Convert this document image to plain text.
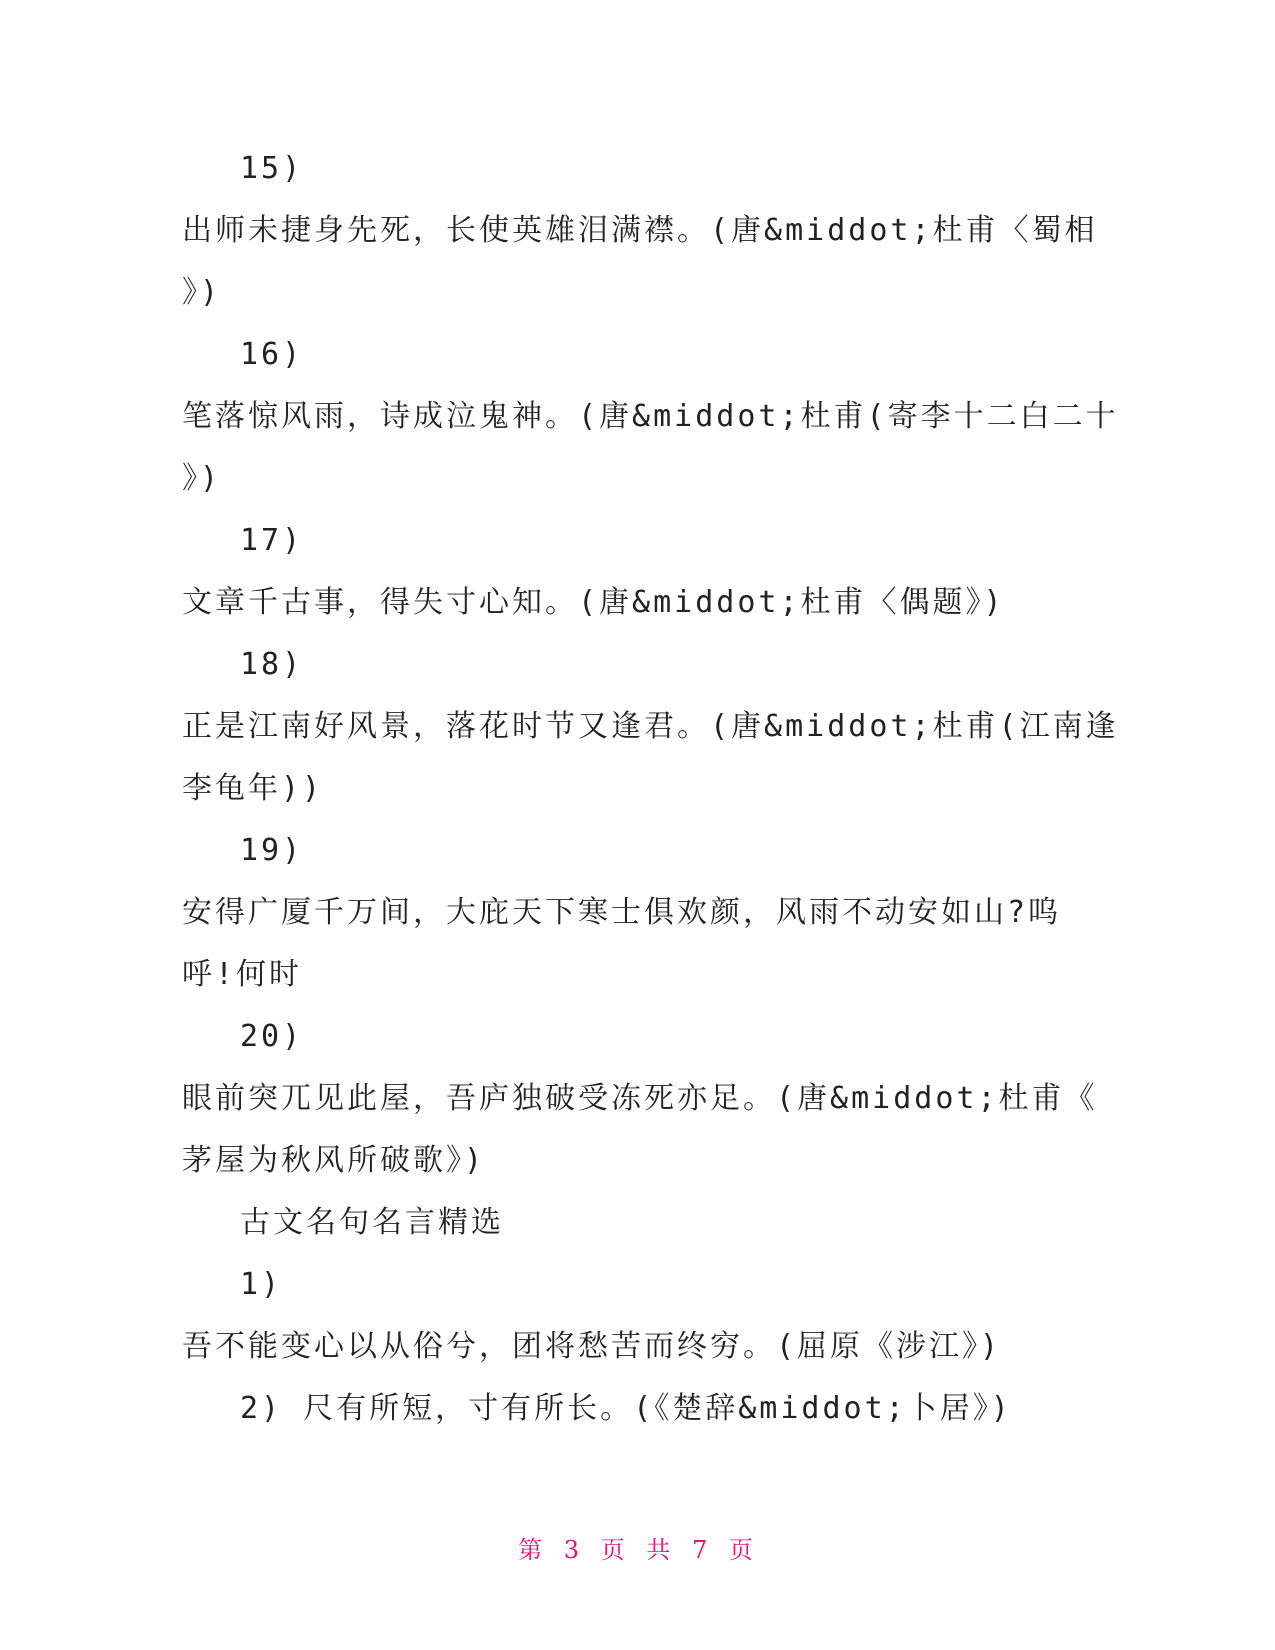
15)
出师未捷身先死，长使英雄泪满襟。(唐&middot;杜甫〈蜀相
》)
16)
笔落惊风雨，诗成泣鬼神。(唐&middot;杜甫(寄李十二白二十
》)
17)
文章千古事，得失寸心知。(唐&middot;杜甫〈偶题》)
18)
正是江南好风景，落花时节又逢君。(唐&middot;杜甫(江南逢
李龟年))
19)
安得广厦千万间，大庇天下寒士俱欢颜，风雨不动安如山?呜
呼!何时
20)
眼前突兀见此屋，吾庐独破受冻死亦足。(唐&middot;杜甫《
茅屋为秋风所破歌》)
古文名句名言精选
1)
吾不能变心以从俗兮，团将愁苦而终穷。(屈原《涉江》)
2) 尺有所短，寸有所长。(《楚辞&middot;卜居》)
第 3 页 共 7 页
